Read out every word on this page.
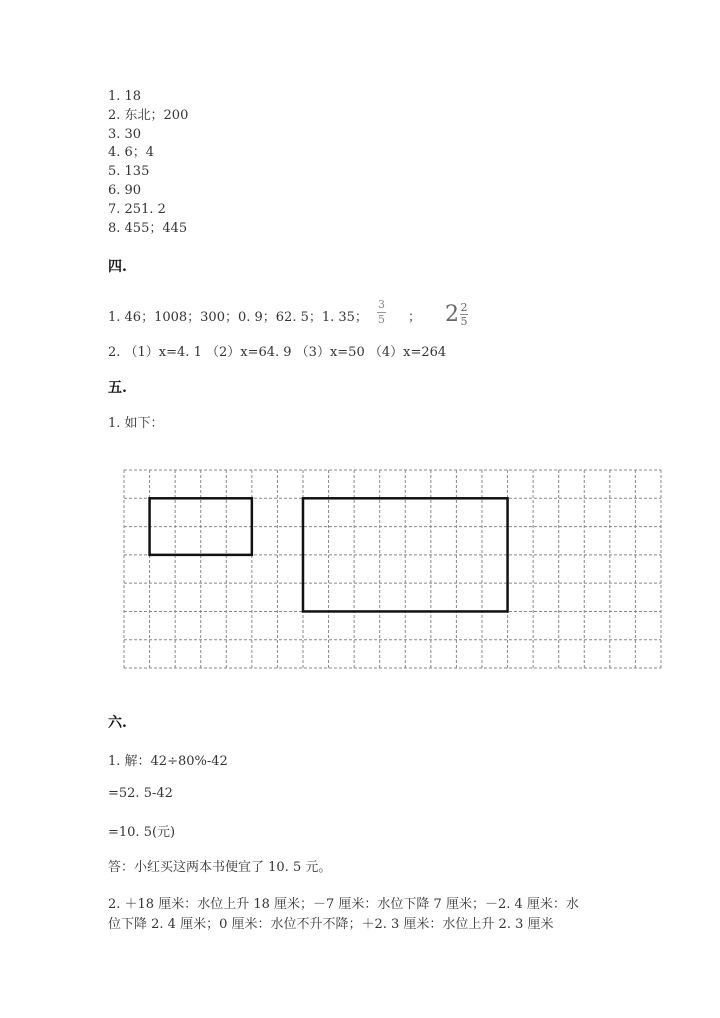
1. 18
2. 东北；200
3. 30
4. 6；4
5. 135
6. 90
7. 251. 2
8. 455；445
四.
1. 46；1008；300；0. 9；62. 5；1. 35；
3
5 ； 2 2
5
2. （1）x=4. 1 （2）x=64. 9 （3）x=50 （4）x=264
五.
1. 如下：
六.
1. 解：42÷80%-42
=52. 5-42
=10. 5(元)
答：小红买这两本书便宜了 10. 5 元。
2. ＋18 厘米：水位上升 18 厘米；－7 厘米：水位下降 7 厘米；－2. 4 厘米：水
位下降 2. 4 厘米；0 厘米：水位不升不降；＋2. 3 厘米：水位上升 2. 3 厘米
